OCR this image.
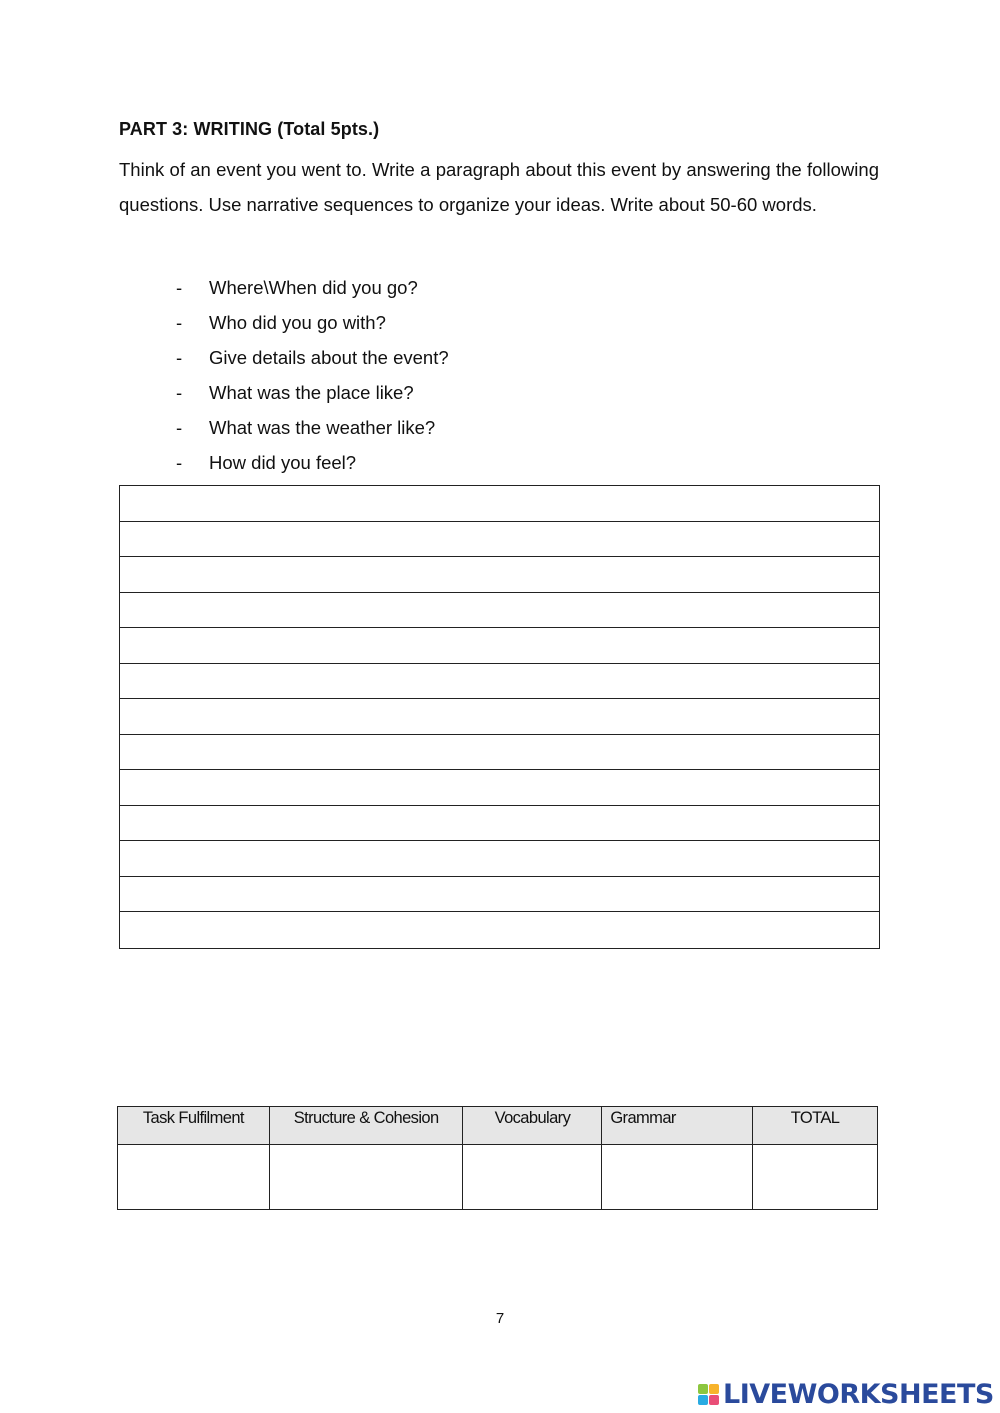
PART 3: WRITING (Total 5pts.)
Think of an event you went to. Write a paragraph about this event by answering the following questions. Use narrative sequences to organize your ideas. Write about 50-60 words.
-	Where\When did you go?
-	Who did you go with?
-	Give details about the event?
-	What was the place like?
-	What was the weather like?
-	How did you feel?
Task Fulfilment	Structure & Cohesion	Vocabulary	Grammar	TOTAL

7
LIVEWORKSHEETS
